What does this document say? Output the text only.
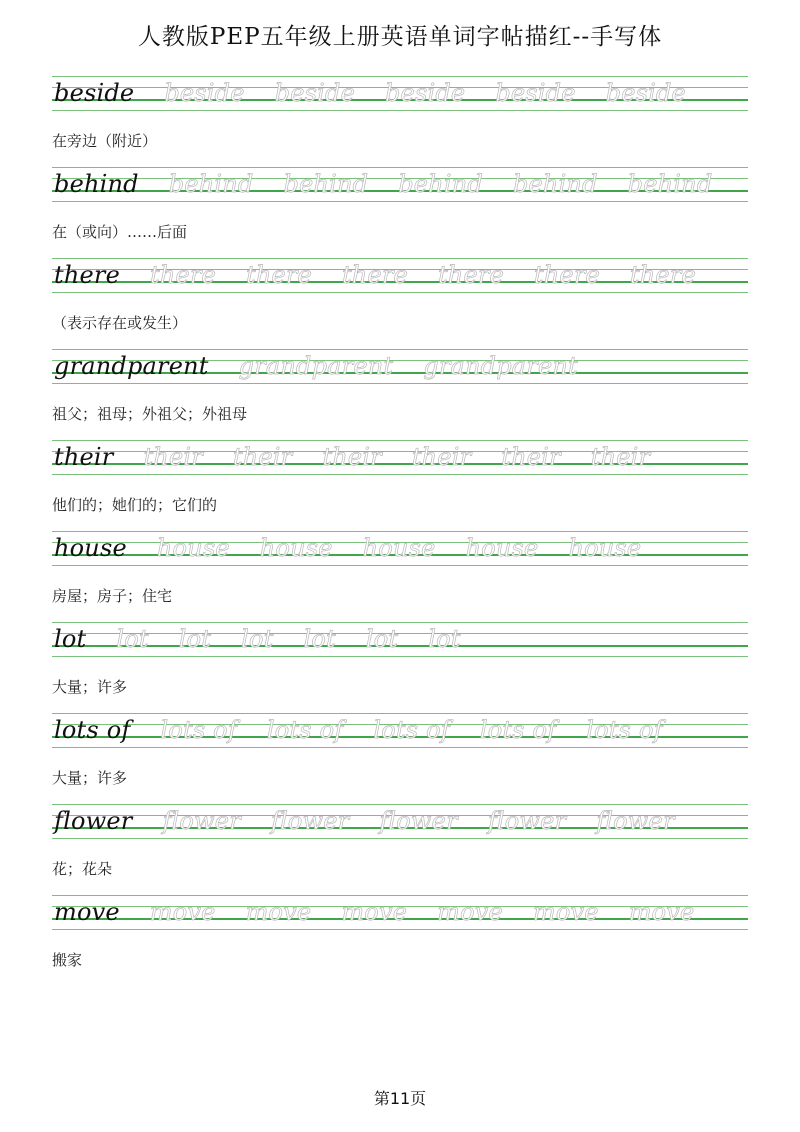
人教版PEP五年级上册英语单词字帖描红--手写体
beside beside beside beside beside beside
在旁边（附近）
behind behind behind behind behind behind
在（或向）……后面
there there there there there there there
（表示存在或发生）
grandparent grandparent grandparent
祖父；祖母；外祖父；外祖母
their their their their their their their
他们的；她们的；它们的
house house house house house house
房屋；房子；住宅
lot lot lot lot lot lot lot
大量；许多
lots of lots of lots of lots of lots of lots of
大量；许多
flower flower flower flower flower flower
花；花朵
move move move move move move move
搬家
第11页
